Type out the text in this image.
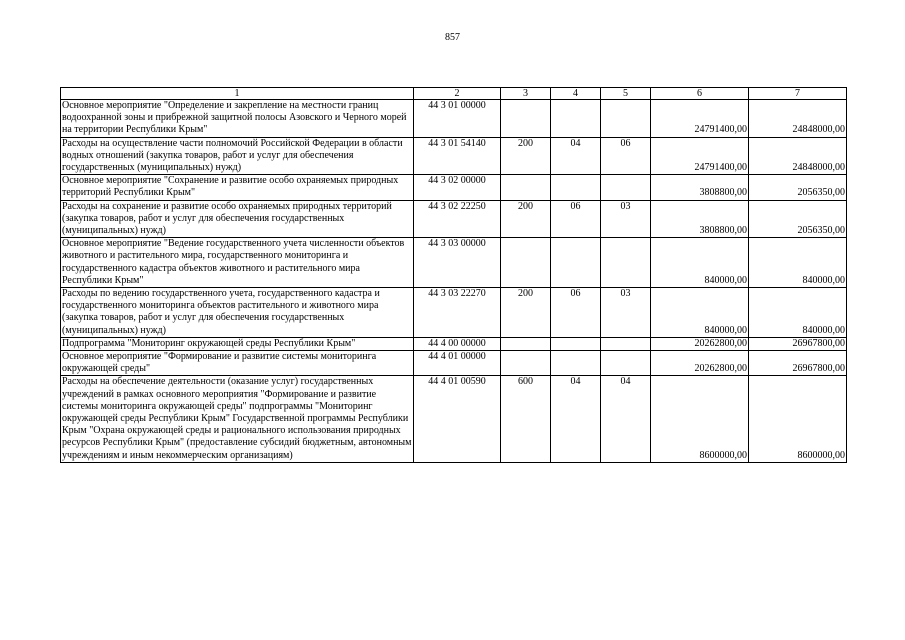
857
1	2	3	4	5	6	7
Основное мероприятие "Определение и закрепление на местности границ водоохранной зоны и прибрежной защитной полосы Азовского и Черного морей на территории Республики Крым"	44 3 01 00000				24791400,00	24848000,00
Расходы на осуществление части полномочий Российской Федерации в области водных отношений (закупка товаров, работ и услуг для обеспечения государственных (муниципальных) нужд)	44 3 01 54140	200	04	06	24791400,00	24848000,00
Основное мероприятие "Сохранение и развитие особо охраняемых природных территорий Республики Крым"	44 3 02 00000				3808800,00	2056350,00
Расходы на сохранение и развитие особо охраняемых природных территорий (закупка товаров, работ и услуг для обеспечения государственных (муниципальных) нужд)	44 3 02 22250	200	06	03	3808800,00	2056350,00
Основное мероприятие "Ведение государственного учета численности объектов животного и растительного мира, государственного мониторинга и государственного кадастра объектов животного и растительного мира Республики Крым"	44 3 03 00000				840000,00	840000,00
Расходы по ведению государственного учета, государственного кадастра и государственного мониторинга объектов растительного и животного мира (закупка товаров, работ и услуг для обеспечения государственных (муниципальных) нужд)	44 3 03 22270	200	06	03	840000,00	840000,00
Подпрограмма "Мониторинг окружающей среды Республики Крым"	44 4 00 00000				20262800,00	26967800,00
Основное мероприятие "Формирование и развитие системы мониторинга окружающей среды"	44 4 01 00000				20262800,00	26967800,00
Расходы на обеспечение деятельности (оказание услуг) государственных учреждений в рамках основного мероприятия "Формирование и развитие системы мониторинга окружающей среды" подпрограммы "Мониторинг окружающей среды Республики Крым" Государственной программы Республики Крым "Охрана окружающей среды и рационального использования природных ресурсов Республики Крым" (предоставление субсидий бюджетным, автономным учреждениям и иным некоммерческим организациям)	44 4 01 00590	600	04	04	8600000,00	8600000,00
